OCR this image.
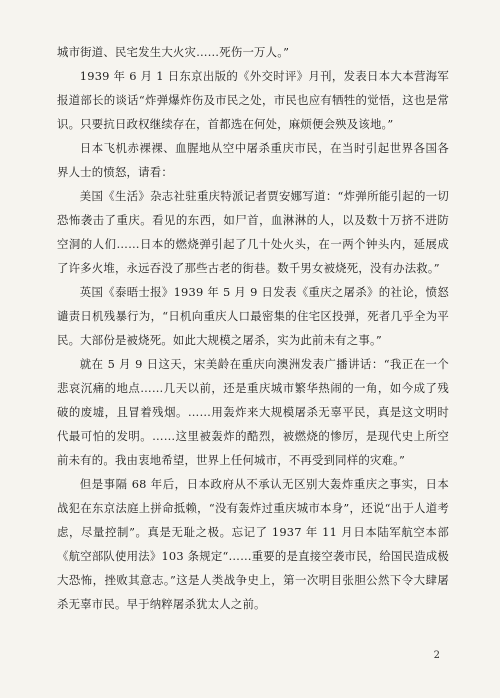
城市街道、民宅发生大火灾……死伤一万人。”

1939 年 6 月 1 日东京出版的《外交时评》月刊，发表日本大本营海军报道部长的谈话“炸弹爆炸伤及市民之处，市民也应有牺牲的觉悟，这也是常识。只要抗日政权继续存在，首都选在何处，麻烦便会殃及该地。”

日本飞机赤裸裸、血腥地从空中屠杀重庆市民，在当时引起世界各国各界人士的愤怒，请看：

美国《生活》杂志社驻重庆特派记者贾安娜写道：“炸弹所能引起的一切恐怖袭击了重庆。看见的东西，如尸首，血淋淋的人，以及数十万挤不进防空洞的人们……日本的燃烧弹引起了几十处火头，在一两个钟头内，延展成了许多火堆，永远吞没了那些古老的街巷。数千男女被烧死，没有办法救。”

英国《泰晤士报》1939 年 5 月 9 日发表《重庆之屠杀》的社论，愤怒谴责日机残暴行为，“日机向重庆人口最密集的住宅区投弹，死者几乎全为平民。大部份是被烧死。如此大规模之屠杀，实为此前未有之事。”

就在 5 月 9 日这天，宋美龄在重庆向澳洲发表广播讲话：“我正在一个悲哀沉痛的地点……几天以前，还是重庆城市繁华热闹的一角，如今成了残破的废墟，且冒着残烟。……用轰炸来大规模屠杀无辜平民，真是这文明时代最可怕的发明。……这里被轰炸的酷烈，被燃烧的惨厉，是现代史上所空前未有的。我由衷地希望，世界上任何城市，不再受到同样的灾难。”

但是事隔 68 年后，日本政府从不承认无区别大轰炸重庆之事实，日本战犯在东京法庭上拼命抵赖，“没有轰炸过重庆城市本身”，还说“出于人道考虑，尽量控制”。真是无耻之极。忘记了 1937 年 11 月日本陆军航空本部《航空部队使用法》103 条规定“……重要的是直接空袭市民，给国民造成极大恐怖，挫败其意志。”这是人类战争史上，第一次明目张胆公然下令大肆屠杀无辜市民。早于纳粹屠杀犹太人之前。

2
